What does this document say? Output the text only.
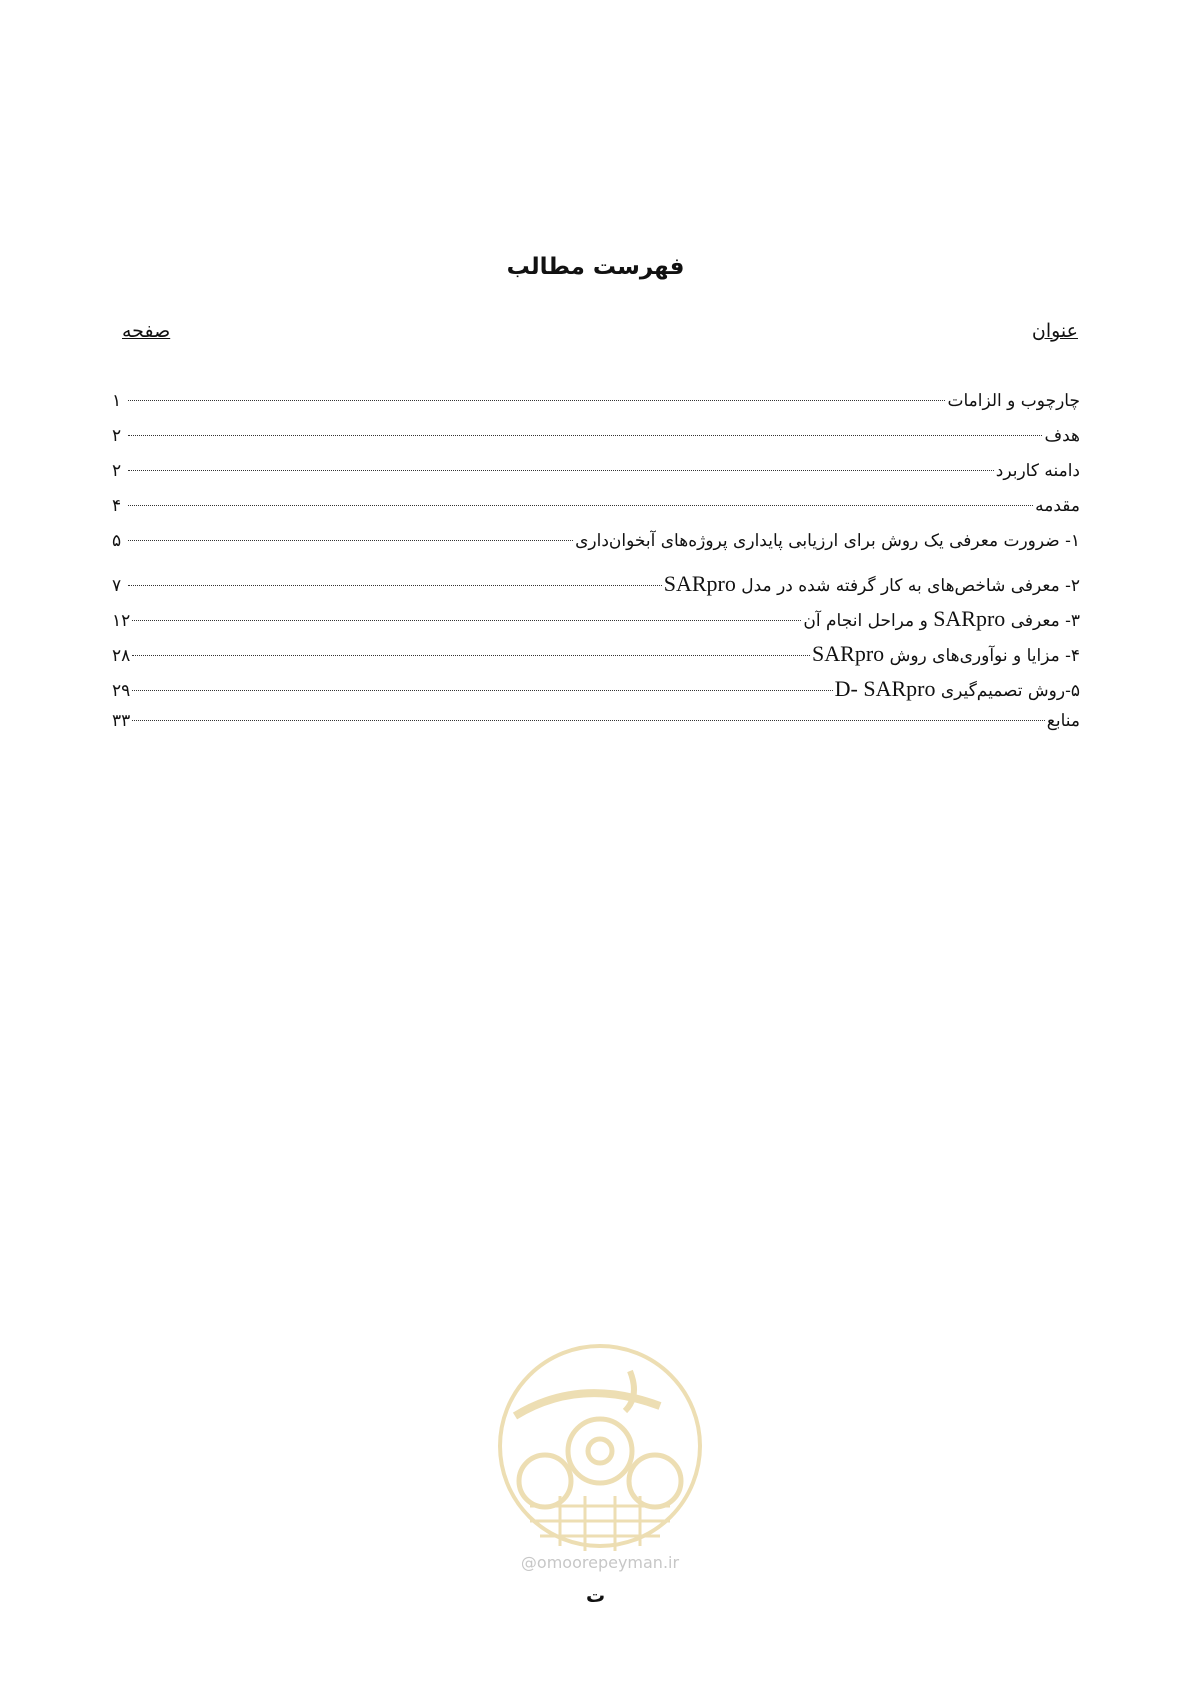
فهرست مطالب
عنوان
صفحه
چارچوب و الزامات
۱
هدف
۲
دامنه کاربرد
۲
مقدمه
۴
۱- ضرورت معرفی یک روش برای ارزیابی پایداری پروژه‌های آبخوان‌داری
۵
۲- معرفی شاخص‌های به کار گرفته شده در مدل SARpro
۷
۳- معرفی SARpro و مراحل انجام آن
۱۲
۴- مزایا و نوآوری‌های روش SARpro
۲۸
۵-روش تصمیم‌گیری D- SARpro
۲۹
منابع
۳۳
@omoorepeyman.ir
ت
